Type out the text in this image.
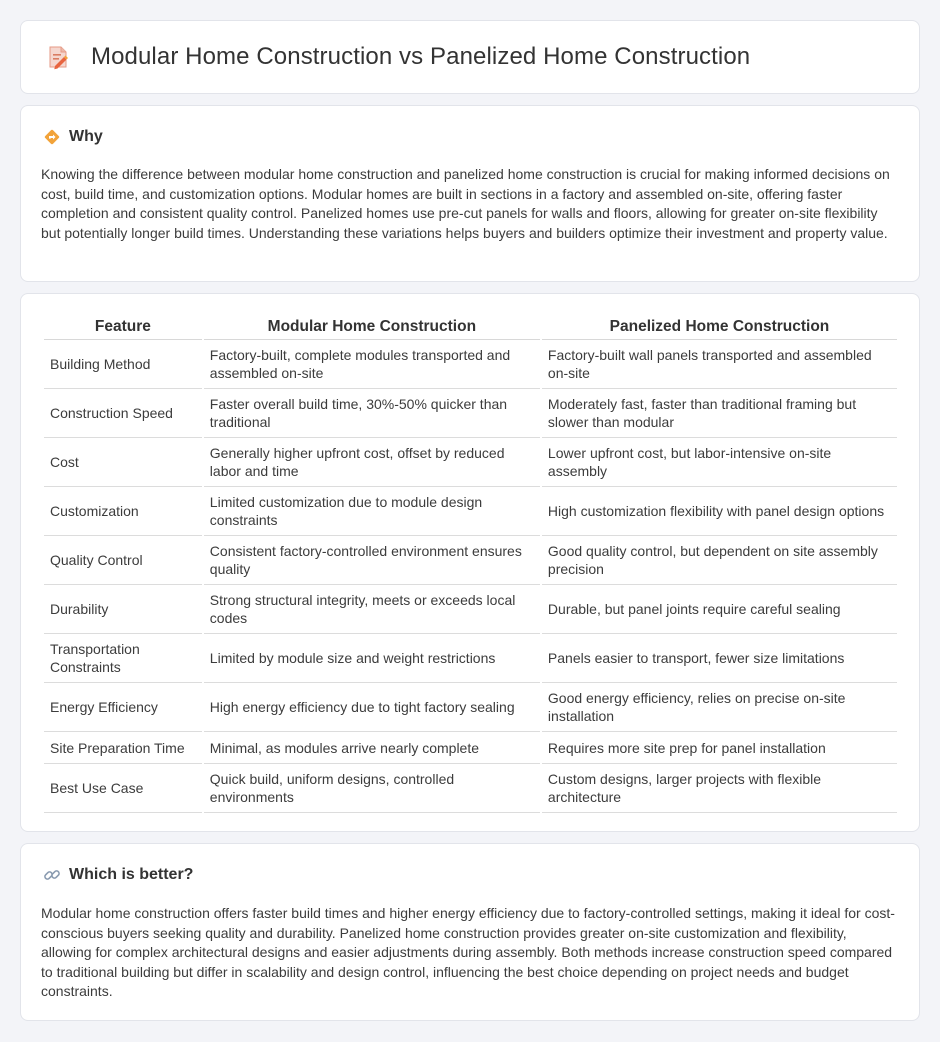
Modular Home Construction vs Panelized Home Construction
Why

Knowing the difference between modular home construction and panelized home construction is crucial for making informed decisions on cost, build time, and customization options. Modular homes are built in sections in a factory and assembled on-site, offering faster completion and consistent quality control. Panelized homes use pre-cut panels for walls and floors, allowing for greater on-site flexibility but potentially longer build times. Understanding these variations helps buyers and builders optimize their investment and property value.

Feature	Modular Home Construction	Panelized Home Construction
Building Method	Factory-built, complete modules transported and assembled on-site	Factory-built wall panels transported and assembled on-site
Construction Speed	Faster overall build time, 30%-50% quicker than traditional	Moderately fast, faster than traditional framing but slower than modular
Cost	Generally higher upfront cost, offset by reduced labor and time	Lower upfront cost, but labor-intensive on-site assembly
Customization	Limited customization due to module design constraints	High customization flexibility with panel design options
Quality Control	Consistent factory-controlled environment ensures quality	Good quality control, but dependent on site assembly precision
Durability	Strong structural integrity, meets or exceeds local codes	Durable, but panel joints require careful sealing
Transportation Constraints	Limited by module size and weight restrictions	Panels easier to transport, fewer size limitations
Energy Efficiency	High energy efficiency due to tight factory sealing	Good energy efficiency, relies on precise on-site installation
Site Preparation Time	Minimal, as modules arrive nearly complete	Requires more site prep for panel installation
Best Use Case	Quick build, uniform designs, controlled environments	Custom designs, larger projects with flexible architecture
Which is better?

Modular home construction offers faster build times and higher energy efficiency due to factory-controlled settings, making it ideal for cost-conscious buyers seeking quality and durability. Panelized home construction provides greater on-site customization and flexibility, allowing for complex architectural designs and easier adjustments during assembly. Both methods increase construction speed compared to traditional building but differ in scalability and design control, influencing the best choice depending on project needs and budget constraints.
